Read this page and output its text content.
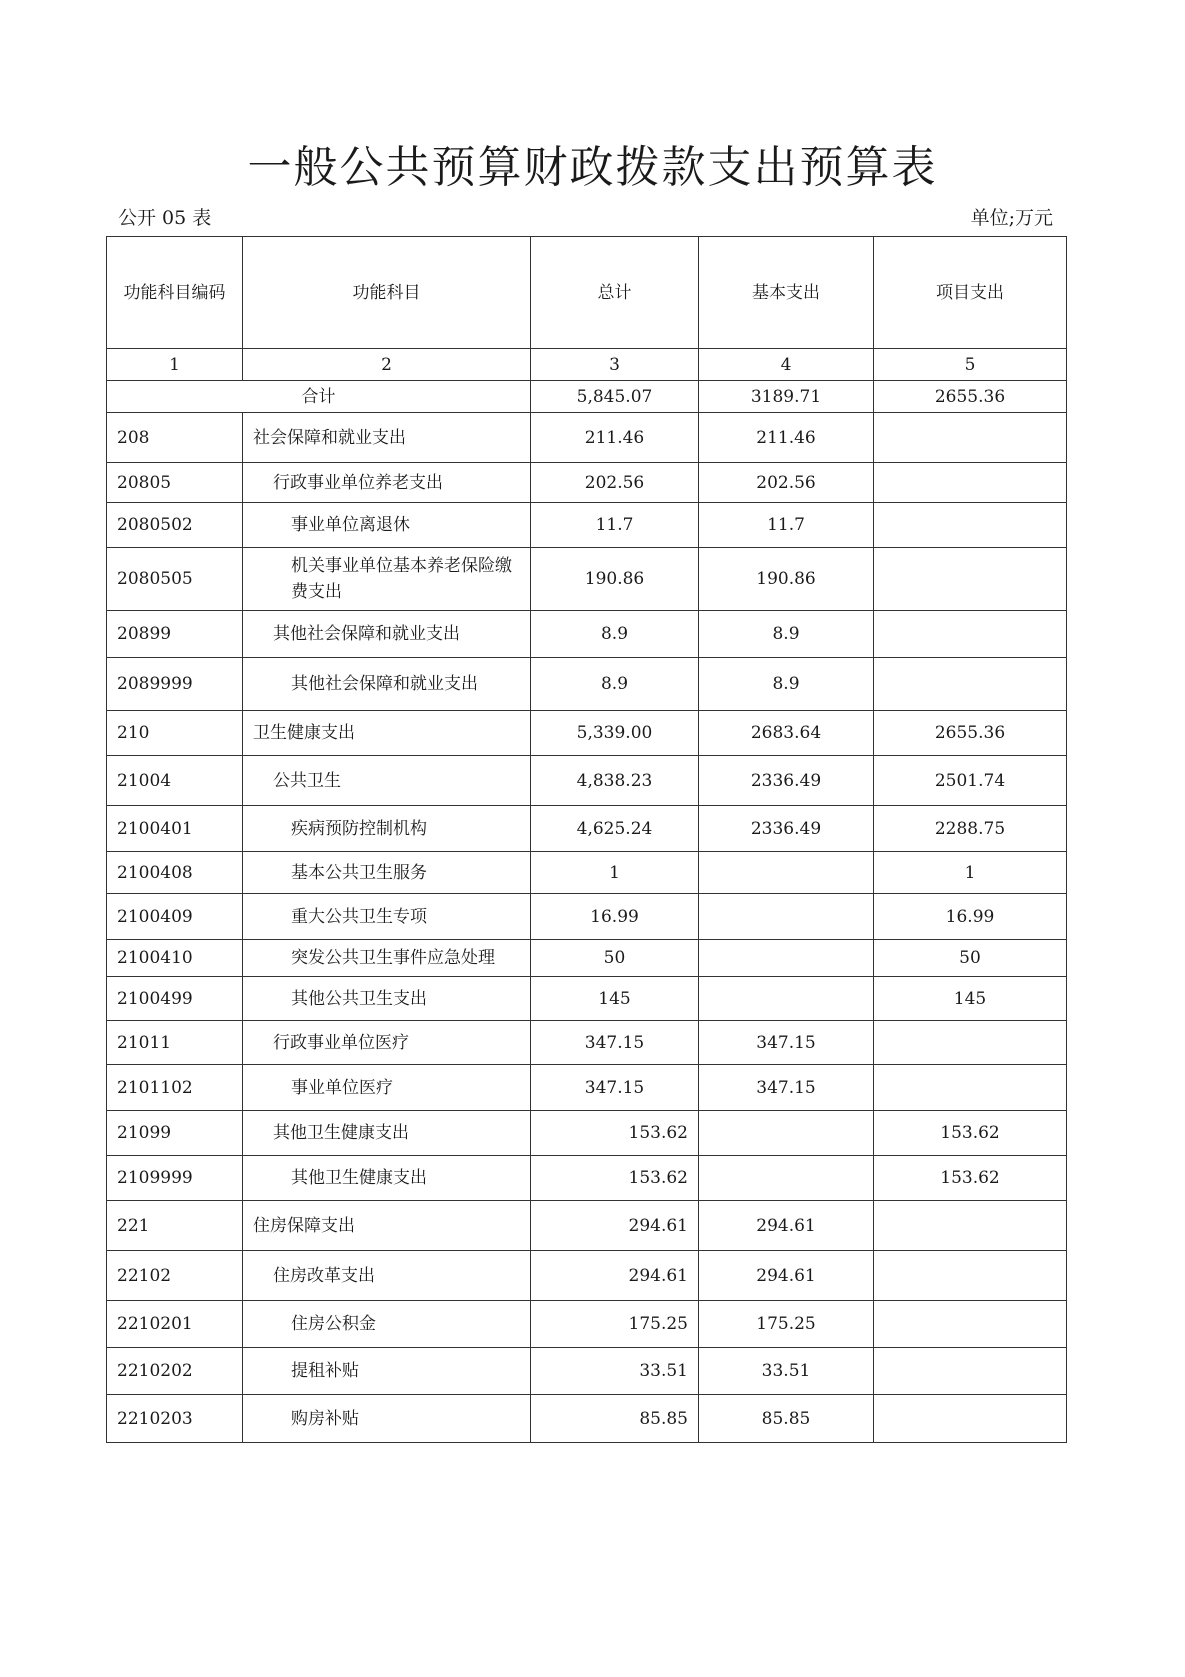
一般公共预算财政拨款支出预算表
公开 05 表	单位;万元
功能科目编码	功能科目	总计	基本支出	项目支出
1	2	3	4	5
合计		5,845.07	3189.71	2655.36
208	社会保障和就业支出	211.46	211.46	
20805	行政事业单位养老支出	202.56	202.56	
2080502	事业单位离退休	11.7	11.7	
2080505	机关事业单位基本养老保险缴费支出	190.86	190.86	
20899	其他社会保障和就业支出	8.9	8.9	
2089999	其他社会保障和就业支出	8.9	8.9	
210	卫生健康支出	5,339.00	2683.64	2655.36
21004	公共卫生	4,838.23	2336.49	2501.74
2100401	疾病预防控制机构	4,625.24	2336.49	2288.75
2100408	基本公共卫生服务	1		1
2100409	重大公共卫生专项	16.99		16.99
2100410	突发公共卫生事件应急处理	50		50
2100499	其他公共卫生支出	145		145
21011	行政事业单位医疗	347.15	347.15	
2101102	事业单位医疗	347.15	347.15	
21099	其他卫生健康支出	153.62		153.62
2109999	其他卫生健康支出	153.62		153.62
221	住房保障支出	294.61	294.61	
22102	住房改革支出	294.61	294.61	
2210201	住房公积金	175.25	175.25	
2210202	提租补贴	33.51	33.51	
2210203	购房补贴	85.85	85.85	
